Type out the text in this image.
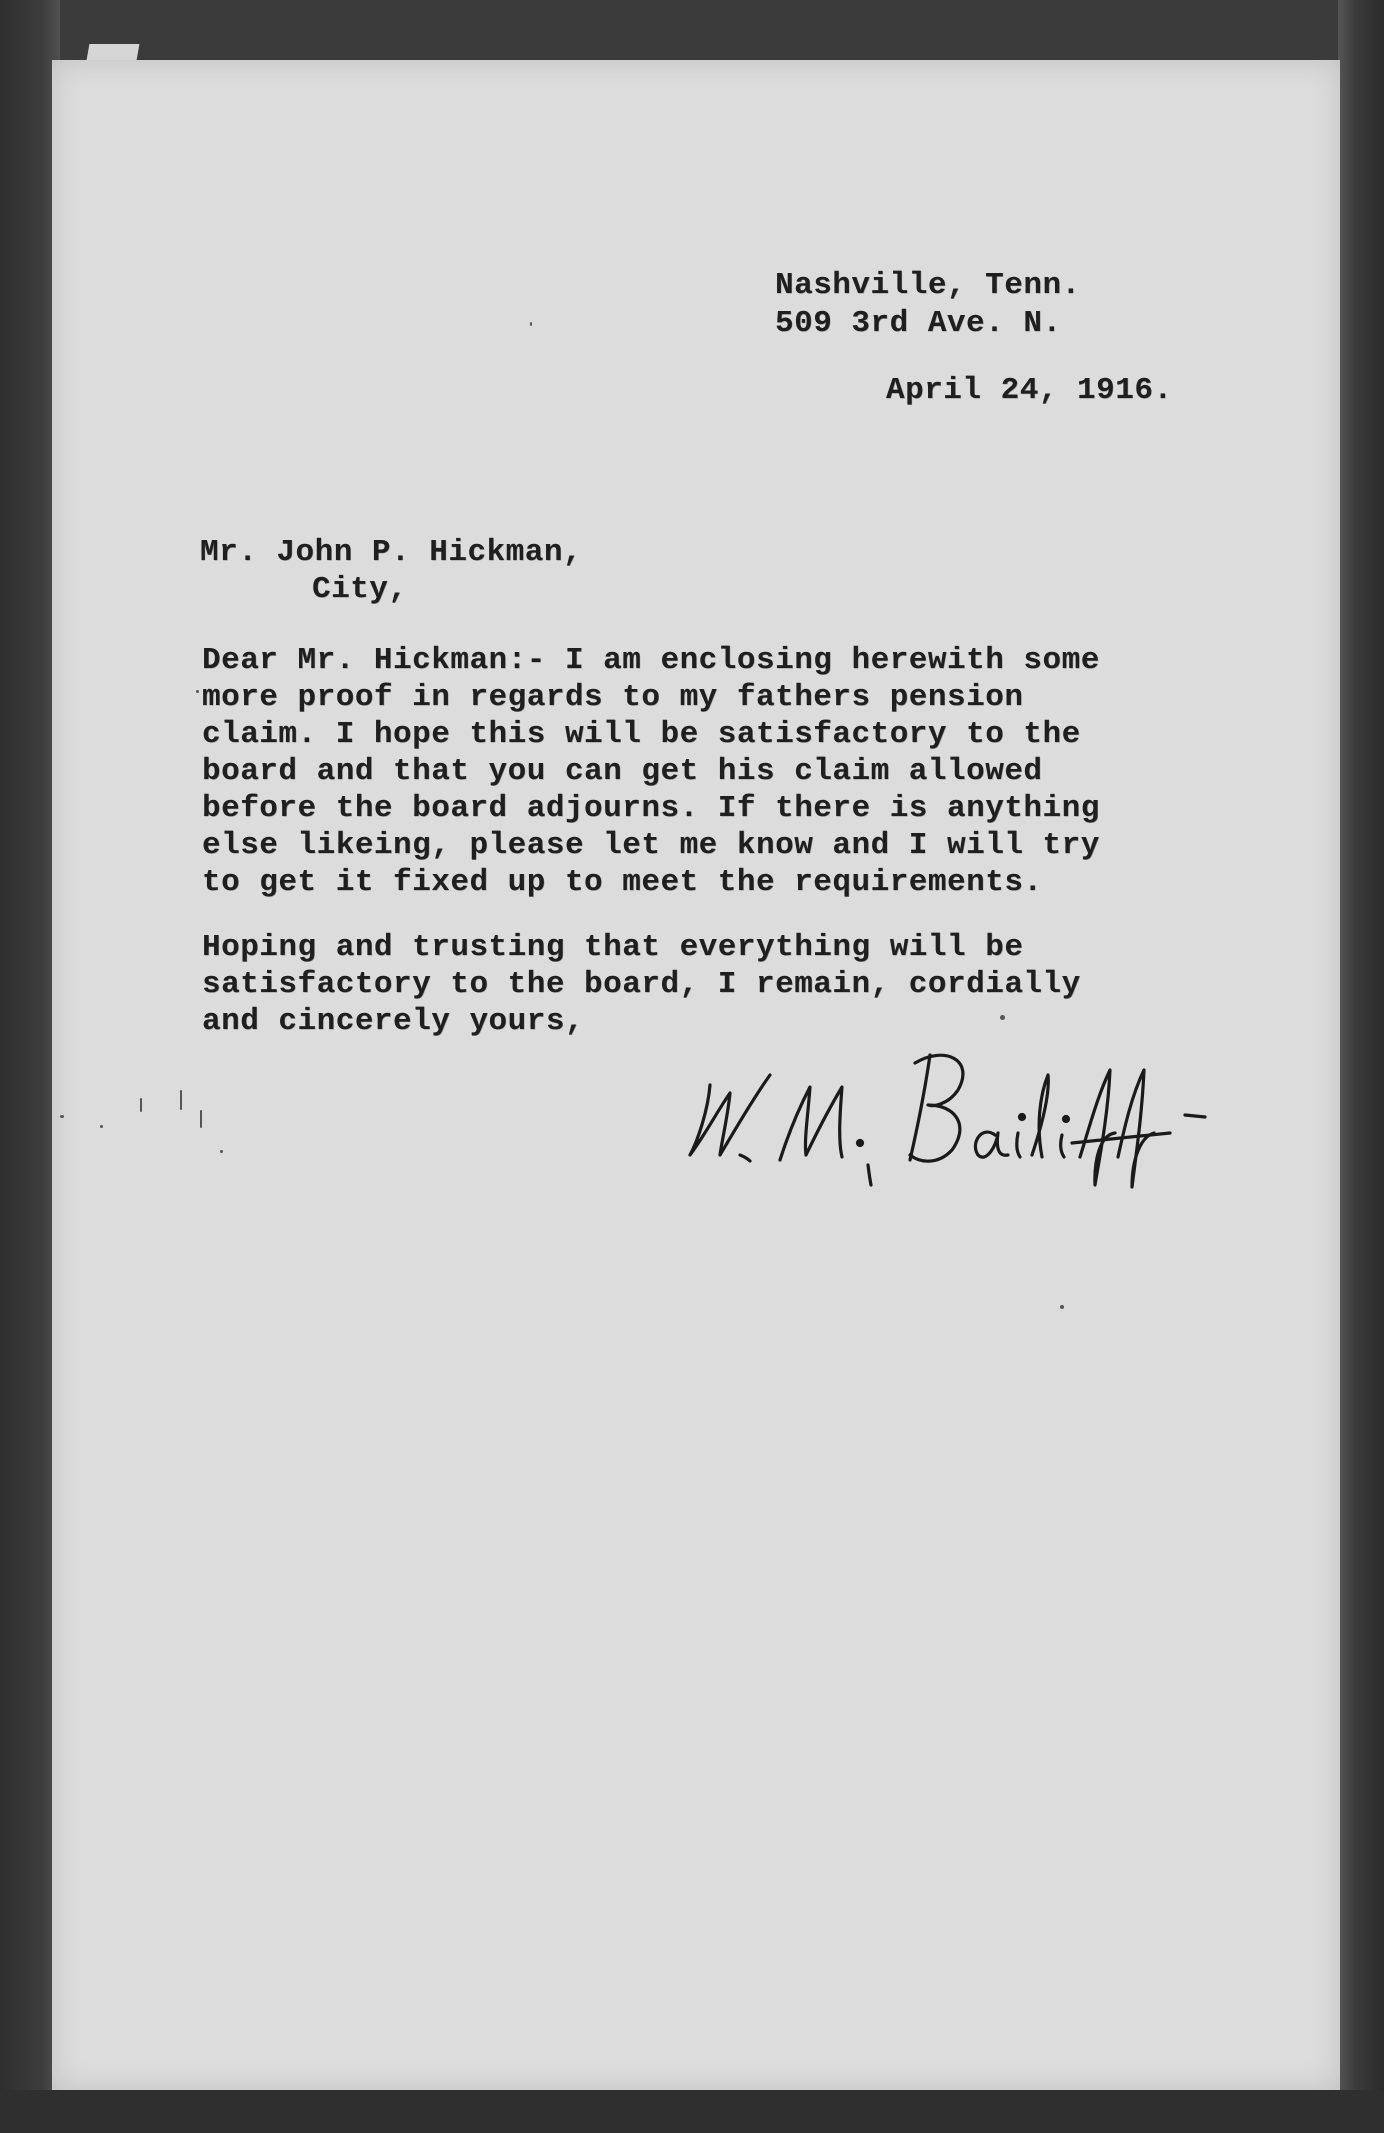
Nashville, Tenn.
509 3rd Ave. N.
April 24, 1916.
Mr. John P. Hickman,
City,
Dear Mr. Hickman:- I am enclosing herewith some
more proof in regards to my fathers pension
claim. I hope this will be satisfactory to the
board and that you can get his claim allowed
before the board adjourns. If there is anything
else likeing, please let me know and I will try
to get it fixed up to meet the requirements.
Hoping and trusting that everything will be
satisfactory to the board, I remain, cordially
and cincerely yours,
